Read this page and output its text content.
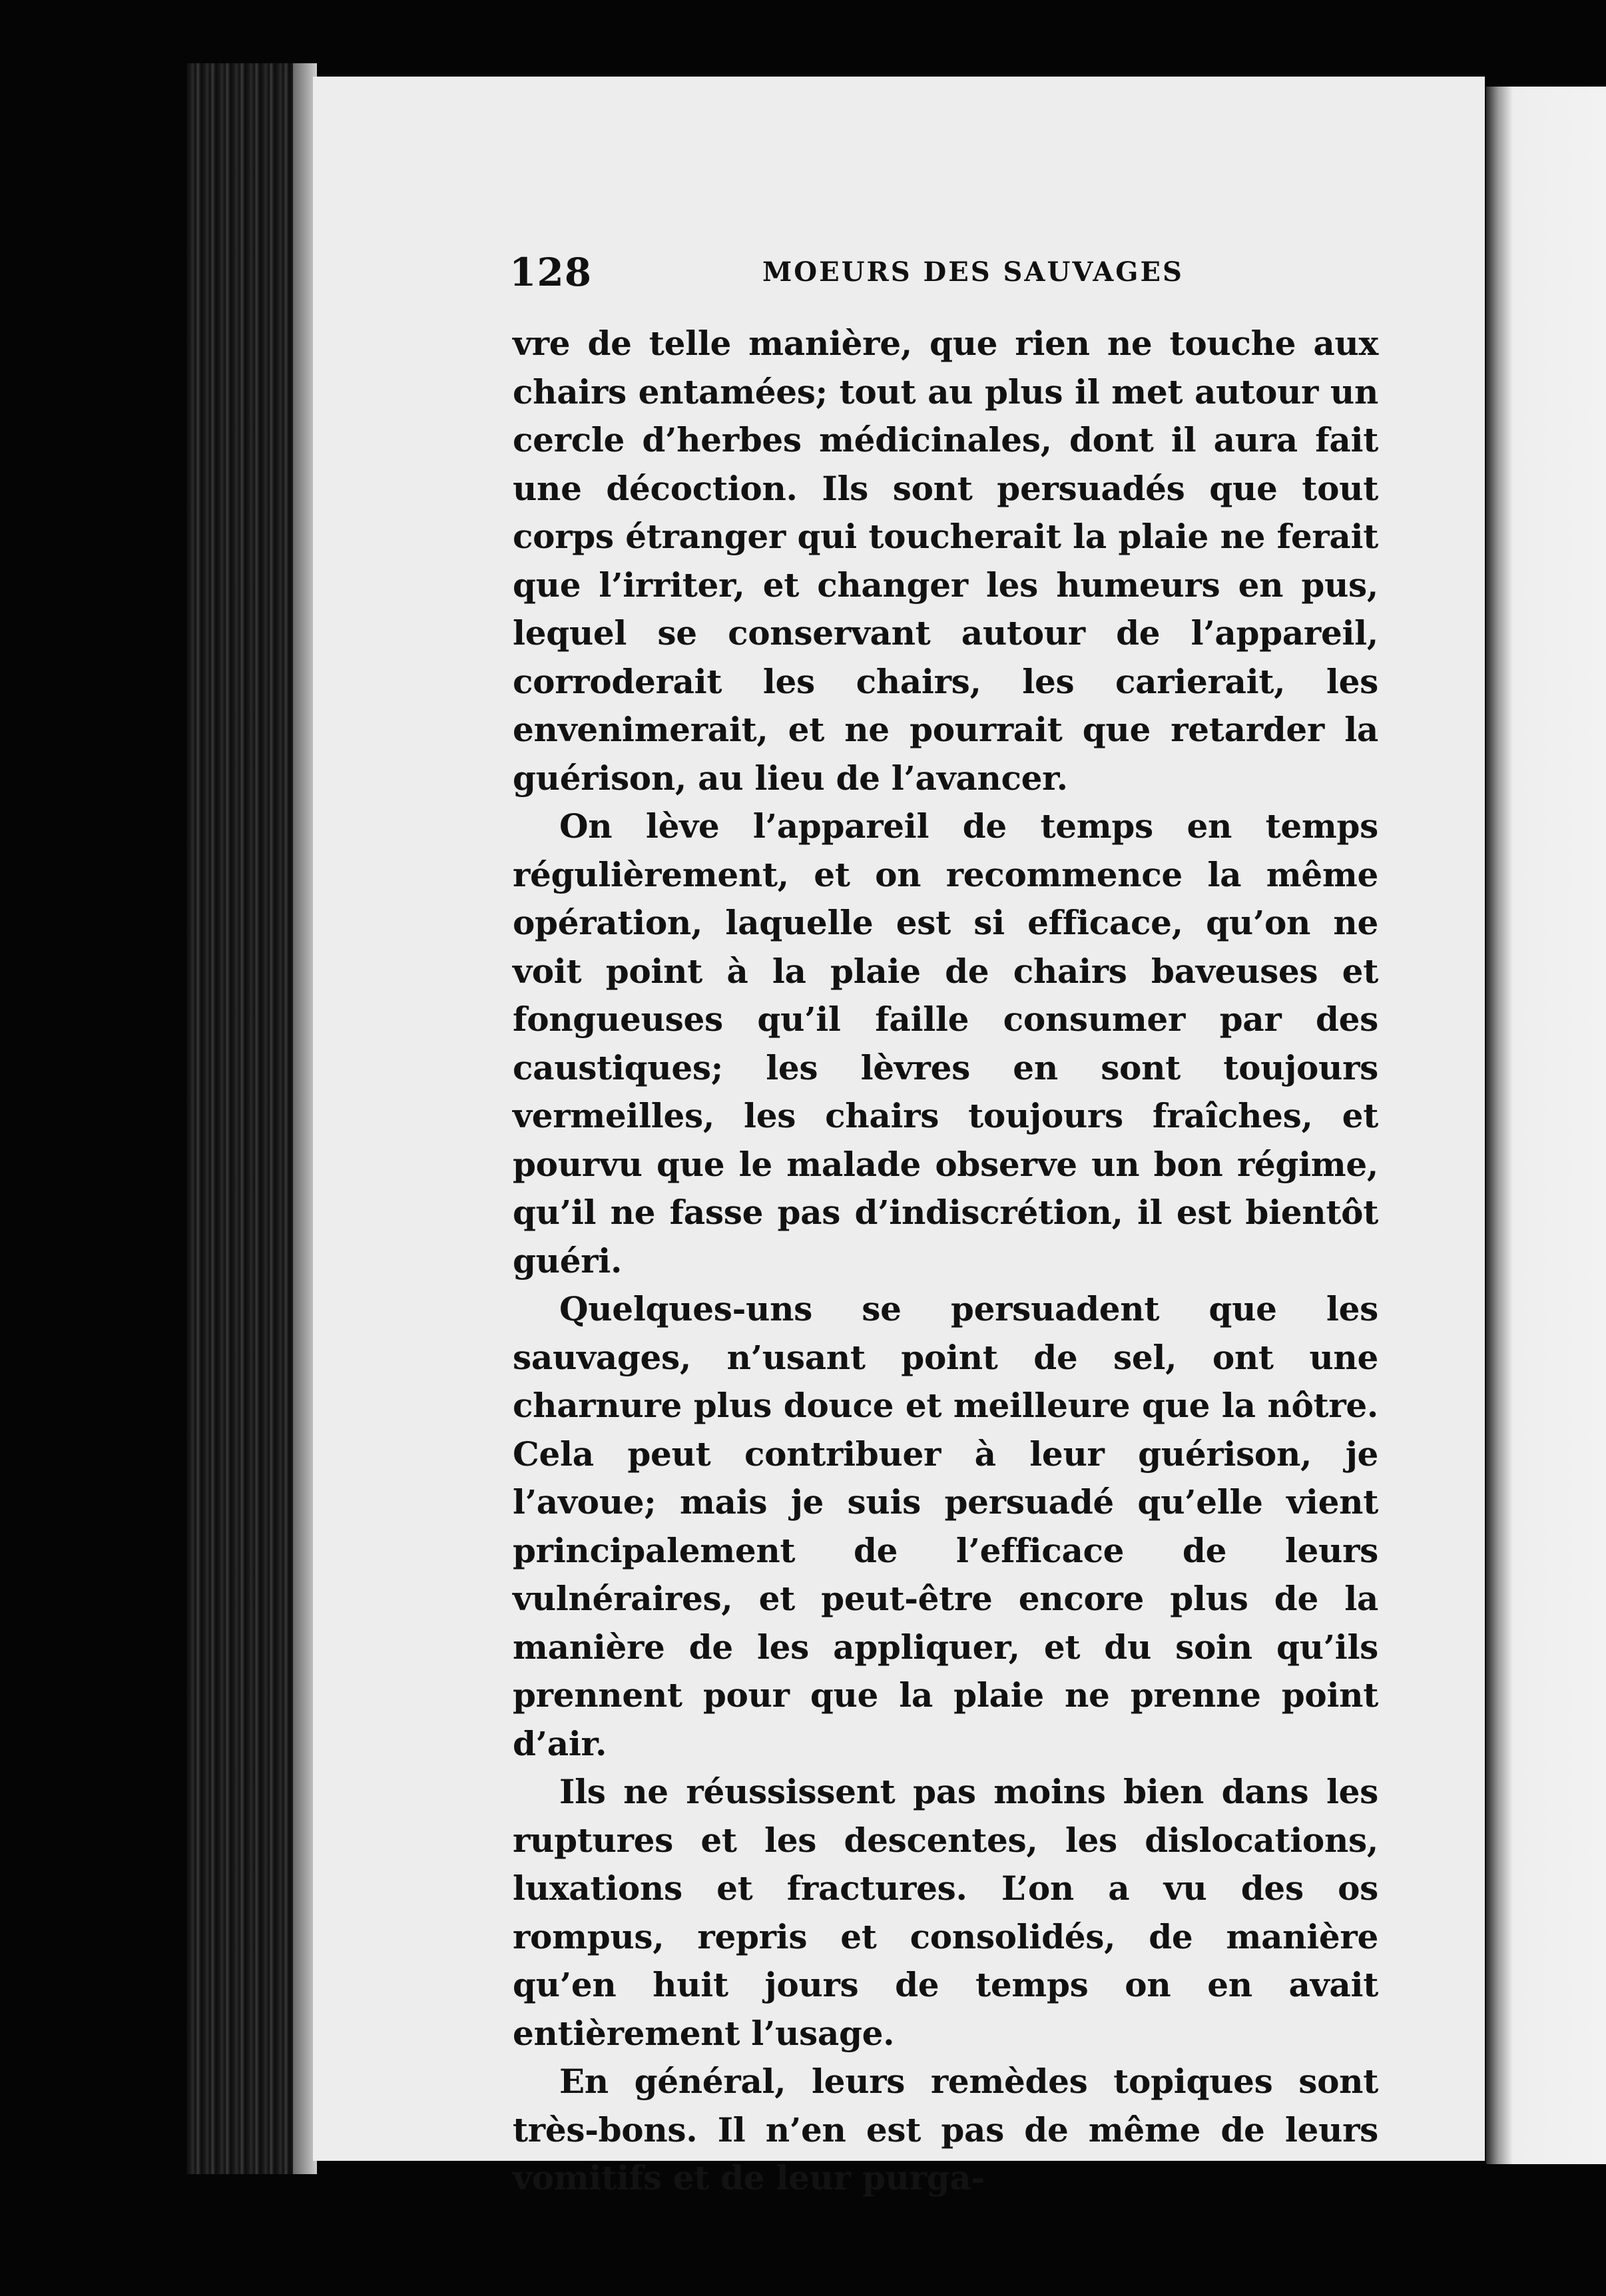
128	MOEURS DES SAUVAGES

vre de telle manière, que rien ne touche aux chairs entamées; tout au plus il met autour un cercle d’herbes médicinales, dont il aura fait une décoction. Ils sont persuadés que tout corps étranger qui toucherait la plaie ne ferait que l’irriter, et changer les humeurs en pus, lequel se conservant autour de l’appareil, corroderait les chairs, les carierait, les envenimerait, et ne pourrait que retarder la guérison, au lieu de l’avancer.

On lève l’appareil de temps en temps régulièrement, et on recommence la même opération, laquelle est si efficace, qu’on ne voit point à la plaie de chairs baveuses et fongueuses qu’il faille consumer par des caustiques; les lèvres en sont toujours vermeilles, les chairs toujours fraîches, et pourvu que le malade observe un bon régime, qu’il ne fasse pas d’indiscrétion, il est bientôt guéri.

Quelques-uns se persuadent que les sauvages, n’usant point de sel, ont une charnure plus douce et meilleure que la nôtre. Cela peut contribuer à leur guérison, je l’avoue; mais je suis persuadé qu’elle vient principalement de l’efficace de leurs vulnéraires, et peut-être encore plus de la manière de les appliquer, et du soin qu’ils prennent pour que la plaie ne prenne point d’air.

Ils ne réussissent pas moins bien dans les ruptures et les descentes, les dislocations, luxations et fractures. L’on a vu des os rompus, repris et consolidés, de manière qu’en huit jours de temps on en avait entièrement l’usage.

En général, leurs remèdes topiques sont très-bons. Il n’en est pas de même de leurs vomitifs et de leur purga-
